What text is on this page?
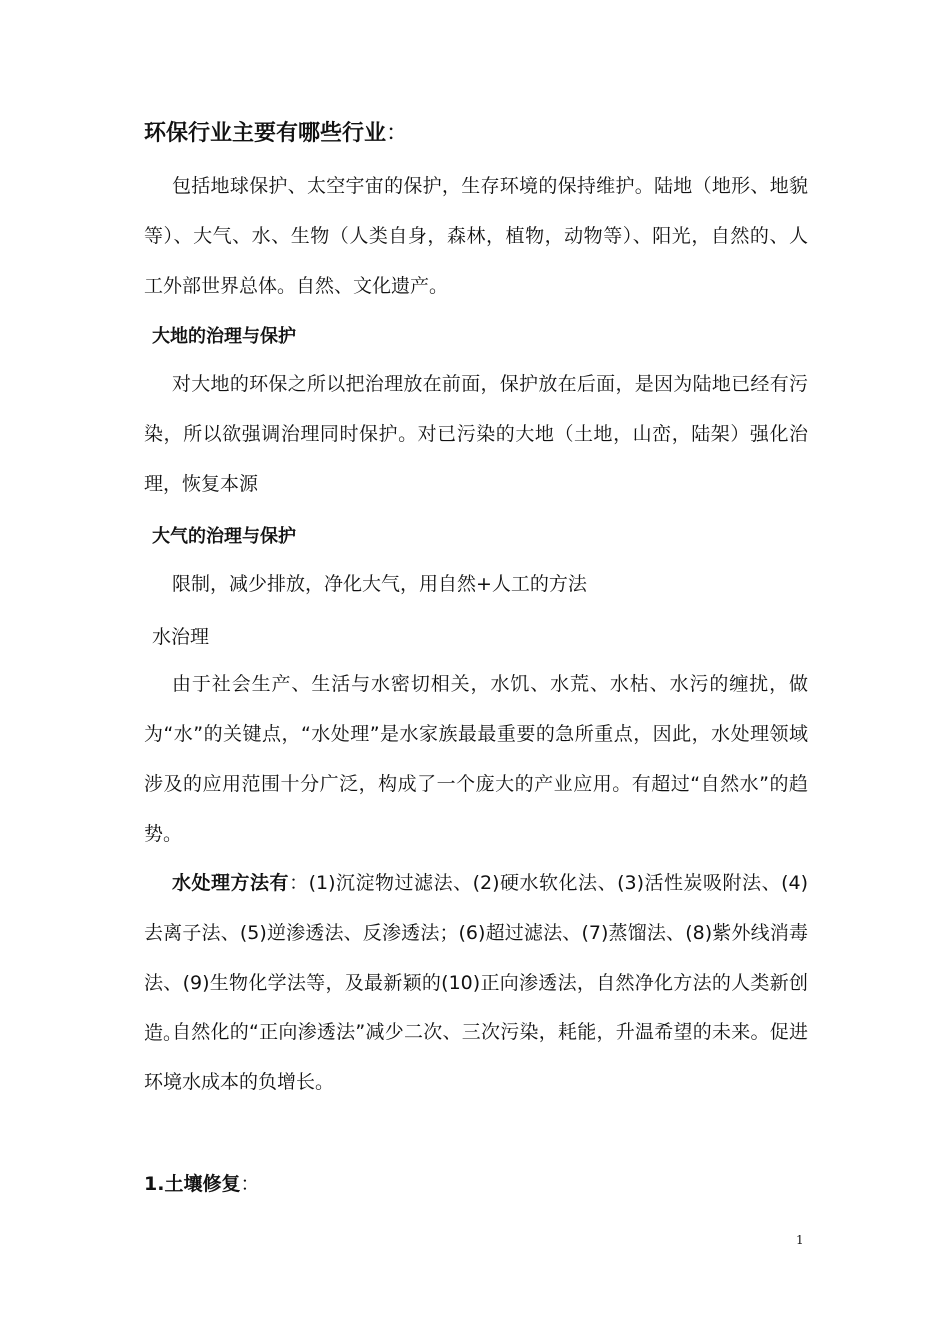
环保行业主要有哪些行业：
包括地球保护、太空宇宙的保护，生存环境的保持维护。陆地（地形、地貌等）、大气、水、生物（人类自身，森林，植物，动物等）、阳光，自然的、人工外部世界总体。自然、文化遗产。
大地的治理与保护
对大地的环保之所以把治理放在前面，保护放在后面，是因为陆地已经有污染，所以欲强调治理同时保护。对已污染的大地（土地，山峦，陆架）强化治理，恢复本源
大气的治理与保护
限制，减少排放，净化大气，用自然+人工的方法
水治理
由于社会生产、生活与水密切相关，水饥、水荒、水枯、水污的缠扰，做为“水”的关键点，“水处理”是水家族最最重要的急所重点，因此，水处理领域涉及的应用范围十分广泛，构成了一个庞大的产业应用。有超过“自然水”的趋势。
水处理方法有：(1)沉淀物过滤法、(2)硬水软化法、(3)活性炭吸附法、(4)去离子法、(5)逆渗透法、反渗透法；(6)超过滤法、(7)蒸馏法、(8)紫外线消毒法、(9)生物化学法等，及最新颖的(10)正向渗透法，自然净化方法的人类新创造。
自然化的“正向渗透法”减少二次、三次污染，耗能，升温希望的未来。促进环境水成本的负增长。
1.土壤修复：
1
